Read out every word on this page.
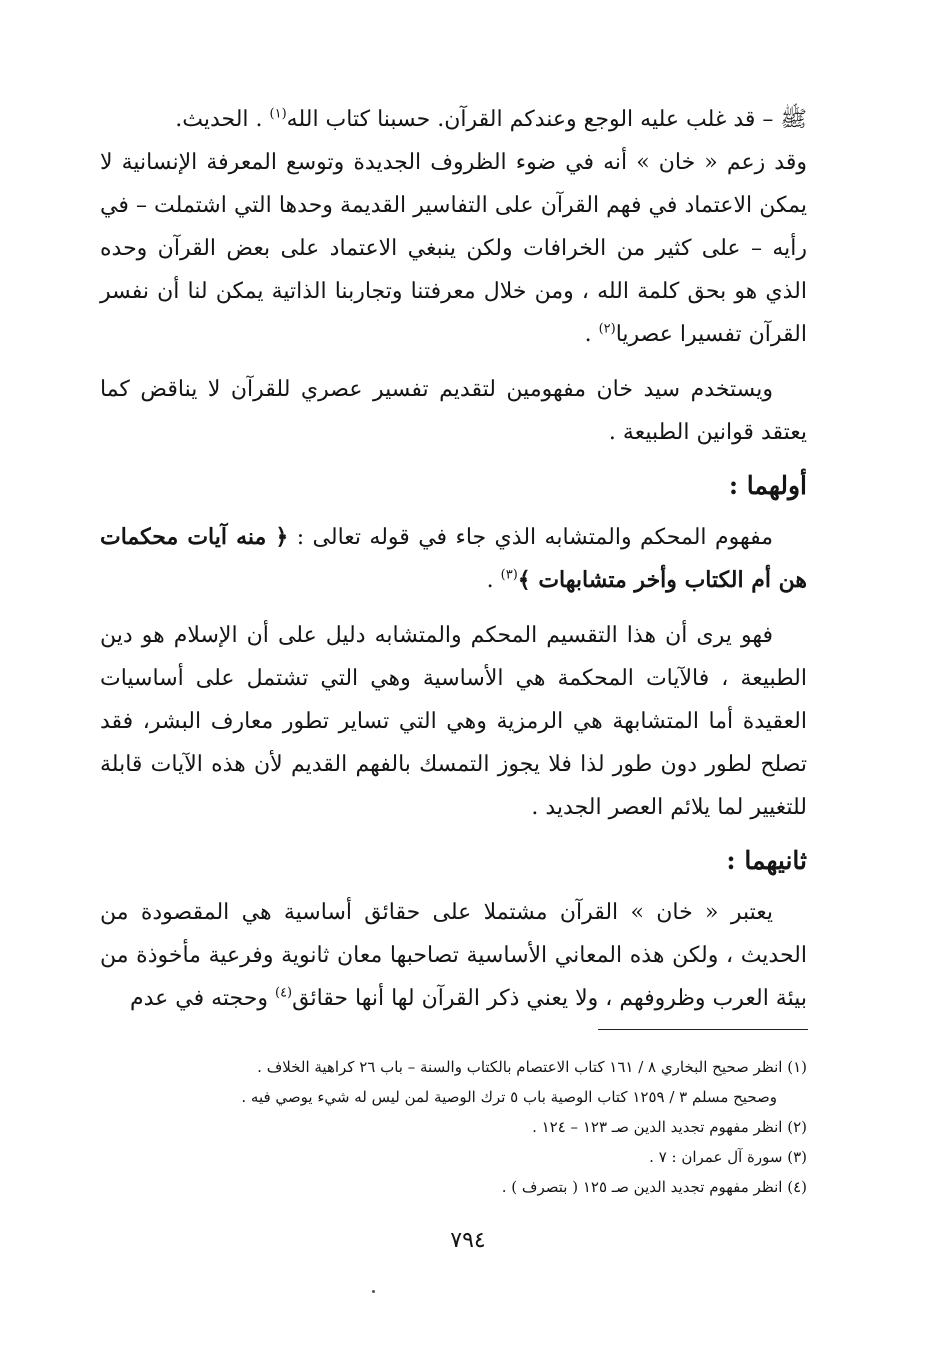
ﷺ – قد غلب عليه الوجع وعندكم القرآن. حسبنا كتاب الله$^{(١)}$ . الحديث.

وقد زعم « خان » أنه في ضوء الظروف الجديدة وتوسع المعرفة الإنسانية لا يمكن الاعتماد في فهم القرآن على التفاسير القديمة وحدها التي اشتملت – في رأيه – على كثير من الخرافات ولكن ينبغي الاعتماد على بعض القرآن وحده الذي هو بحق كلمة الله ، ومن خلال معرفتنا وتجاربنا الذاتية يمكن لنا أن نفسر القرآن تفسيرا عصريا$^{(٢)}$ .

ويستخدم سيد خان مفهومين لتقديم تفسير عصري للقرآن لا يناقض كما يعتقد قوانين الطبيعة .

أولهما :

مفهوم المحكم والمتشابه الذي جاء في قوله تعالى : ﴿ منه آيات محكمات هن أم الكتاب وأخر متشابهات ﴾$^{(٣)}$ .

فهو يرى أن هذا التقسيم المحكم والمتشابه دليل على أن الإسلام هو دين الطبيعة ، فالآيات المحكمة هي الأساسية وهي التي تشتمل على أساسيات العقيدة أما المتشابهة هي الرمزية وهي التي تساير تطور معارف البشر، فقد تصلح لطور دون طور لذا فلا يجوز التمسك بالفهم القديم لأن هذه الآيات قابلة للتغيير لما يلائم العصر الجديد .

ثانيهما :

يعتبر « خان » القرآن مشتملا على حقائق أساسية هي المقصودة من الحديث ، ولكن هذه المعاني الأساسية تصاحبها معان ثانوية وفرعية مأخوذة من بيئة العرب وظروفهم ، ولا يعني ذكر القرآن لها أنها حقائق$^{(٤)}$ وحجته في عدم

(١) انظر صحيح البخاري ٨ / ١٦١ كتاب الاعتصام بالكتاب والسنة – باب ٢٦ كراهية الخلاف .

وصحيح مسلم ٣ / ١٢٥٩ كتاب الوصية باب ٥ ترك الوصية لمن ليس له شيء يوصي فيه .

(٢) انظر مفهوم تجديد الدين صـ ١٢٣ – ١٢٤ .

(٣) سورة آل عمران : ٧ .

(٤) انظر مفهوم تجديد الدين صـ ١٢٥ ( بتصرف ) .

٧٩٤
